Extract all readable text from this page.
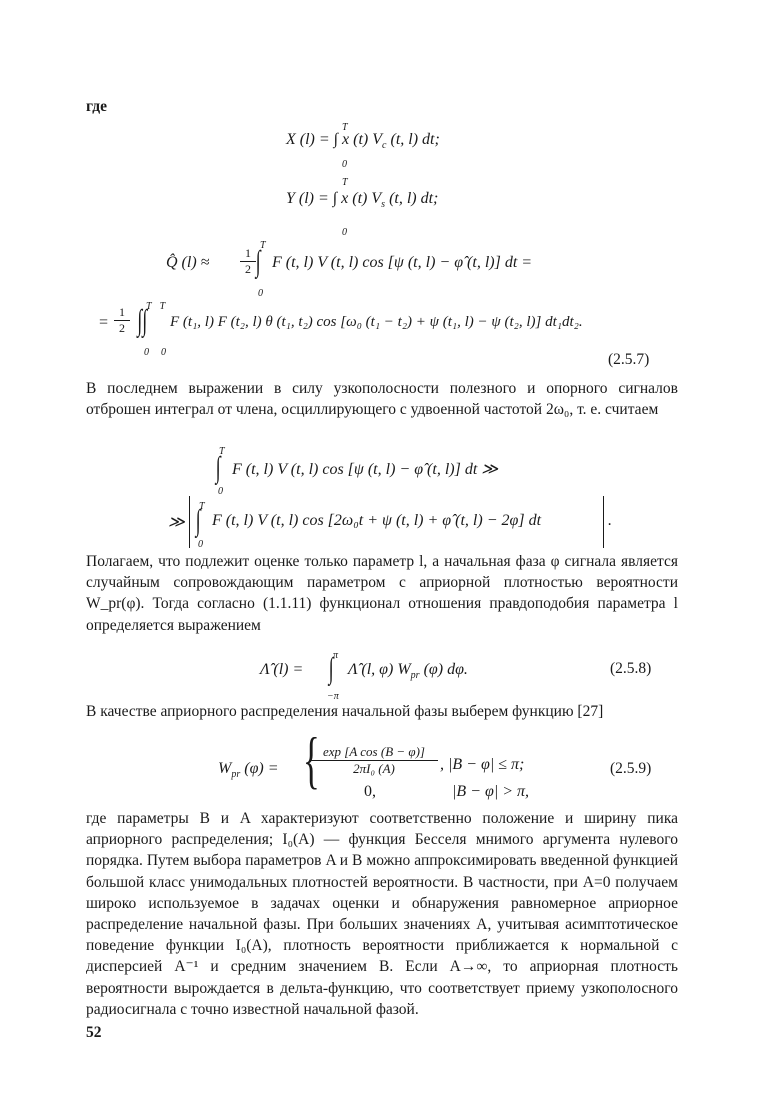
где
T
X (l) = ∫ x (t) $V_c$ (t, l) dt;
0
T
Y (l) = ∫ x (t) $V_s$ (t, l) dt;
0
T
Q̂ (l) ≈
1
2 ∫ F (t, l) V (t, l) cos [ψ (t, l) − φ̂ (t, l)] dt =
0
T T
=
1
2 ∫∫ F (t₁, l) F (t₂, l) θ (t₁, t₂) cos [ω₀ (t₁ − t₂) + ψ (t₁, l) − ψ (t₂, l)] dt₁dt₂.
0 0	(2.5.7)
В последнем выражении в силу узкополосности полезного и опорного сигналов отброшен интеграл от члена, осциллирующего с удвоенной частотой 2ω₀, т. е. считаем
T
∫ F (t, l) V (t, l) cos [ψ (t, l) − φ̂ (t, l)] dt ≫
0
≫
T
∫ F (t, l) V (t, l) cos [2ω₀t + ψ (t, l) + φ̂ (t, l) − 2φ] dt
0
.
Полагаем, что подлежит оценке только параметр l, а начальная фаза φ сигнала является случайным сопровождающим параметром с априорной плотностью вероятности W_pr(φ). Тогда согласно (1.1.11) функционал отношения правдоподобия параметра l определяется выражением
π
Λ̂ (l) = ∫ Λ̂ (l, φ) $W_{pr}$ (φ) dφ.
−π
(2.5.8)
В качестве априорного распределения начальной фазы выберем функцию [27]
$W_{pr}$ (φ) = { exp [A cos (B − φ)]
2πI₀ (A)	, |B − φ| ≤ π;
0,	|B − φ| > π,
(2.5.9)
где параметры B и A характеризуют соответственно положение и ширину пика априорного распределения; I₀(A) — функция Бесселя мнимого аргумента нулевого порядка. Путем выбора параметров A и B можно аппроксимировать введенной функцией большой класс унимодальных плотностей вероятности. В частности, при A=0 получаем широко используемое в задачах оценки и обнаружения равномерное априорное распределение начальной фазы. При больших значениях A, учитывая асимптотическое поведение функции I₀(A), плотность вероятности приближается к нормальной с дисперсией A⁻¹ и средним значением B. Если A→∞, то априорная плотность вероятности вырождается в дельта-функцию, что соответствует приему узкополосного радиосигнала с точно известной начальной фазой.
52
